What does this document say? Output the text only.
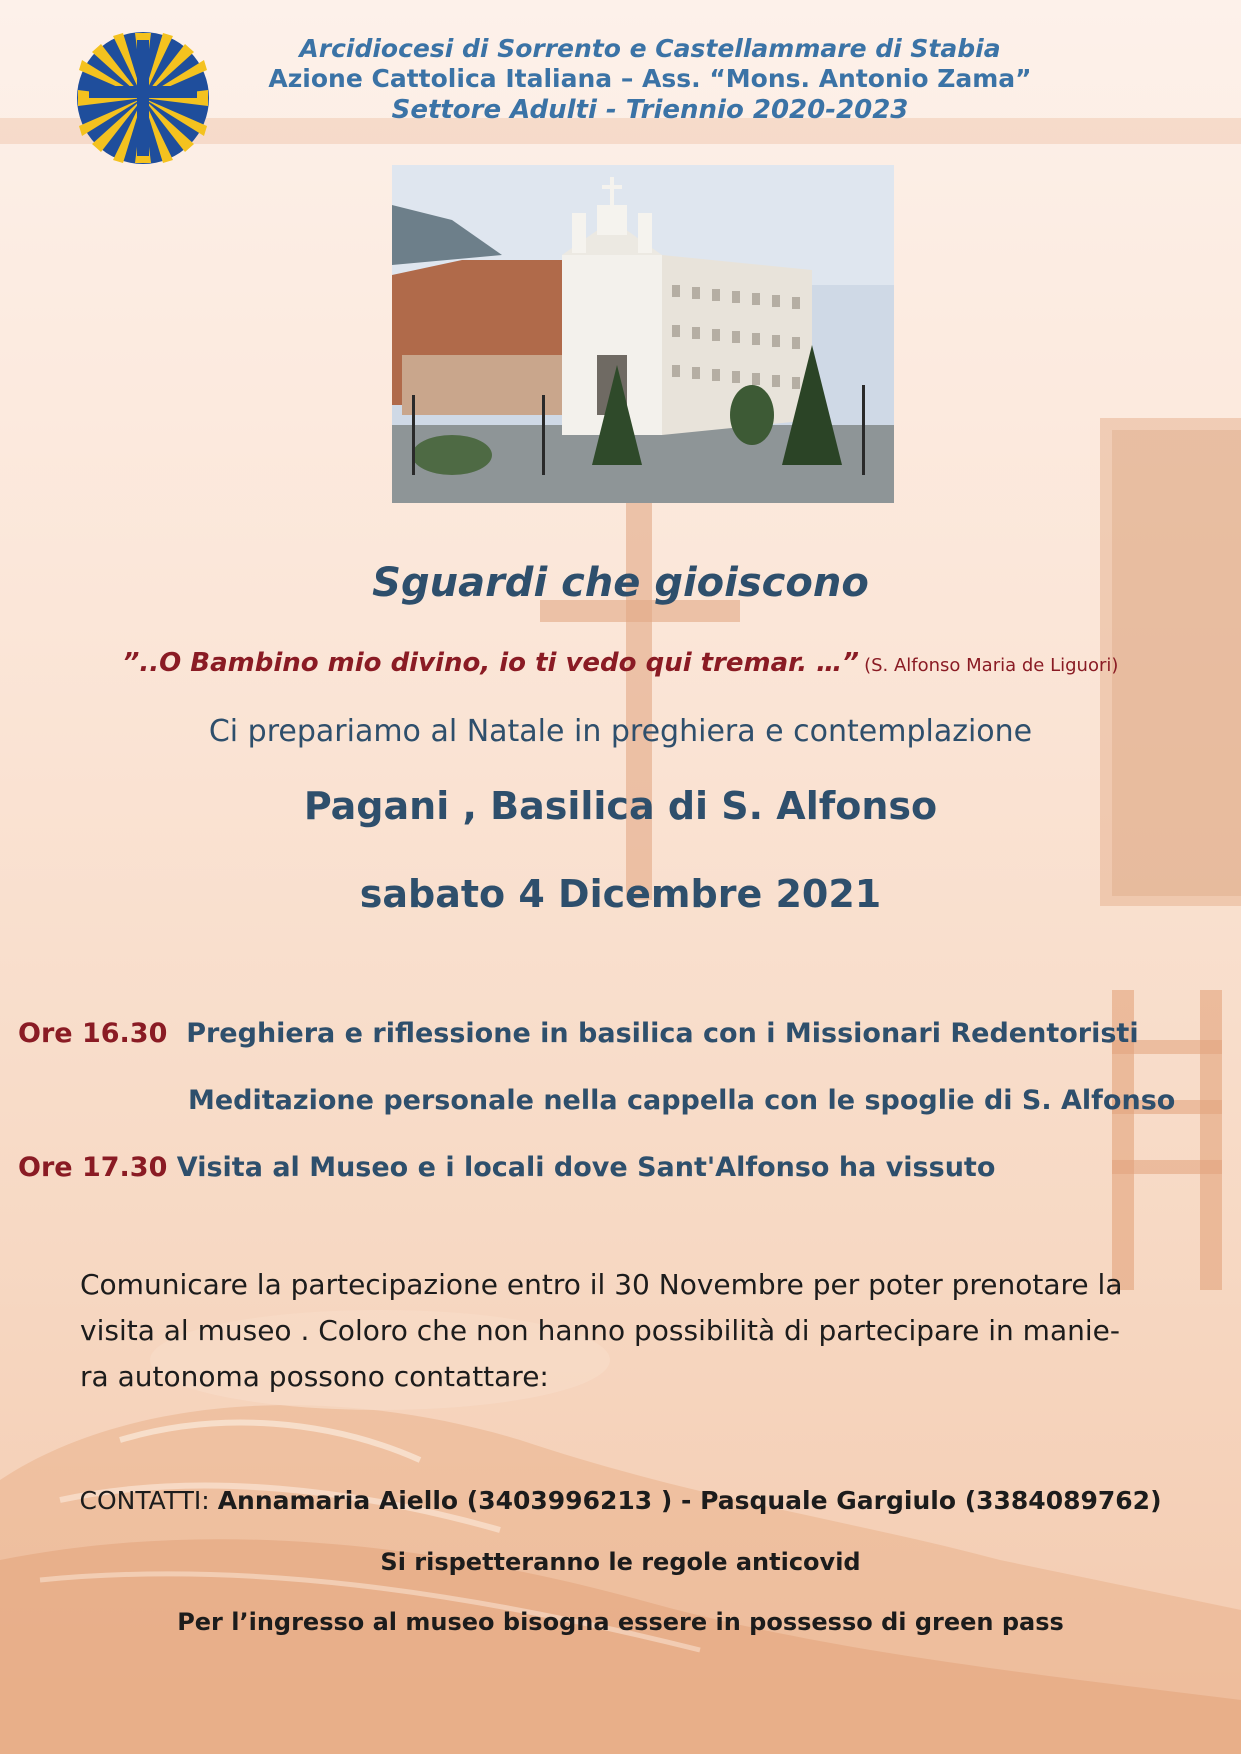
Arcidiocesi di Sorrento e Castellammare di Stabia
Azione Cattolica Italiana – Ass. “Mons. Antonio Zama”
Settore Adulti - Triennio 2020-2023
Sguardi che gioiscono
”..O Bambino mio divino, io ti vedo qui tremar. …” (S. Alfonso Maria de Liguori)
Ci prepariamo al Natale in preghiera e contemplazione
Pagani , Basilica di S. Alfonso
sabato 4 Dicembre 2021
Ore 16.30 Preghiera e riflessione in basilica con i Missionari Redentoristi
Meditazione personale nella cappella con le spoglie di S. Alfonso
Ore 17.30 Visita al Museo e i locali dove Sant'Alfonso ha vissuto
Comunicare la partecipazione entro il 30 Novembre per poter prenotare la
visita al museo . Coloro che non hanno possibilità di partecipare in manie-
ra autonoma possono contattare:
CONTATTI: Annamaria Aiello (3403996213 ) - Pasquale Gargiulo (3384089762)
Si rispetteranno le regole anticovid
Per l’ingresso al museo bisogna essere in possesso di green pass
